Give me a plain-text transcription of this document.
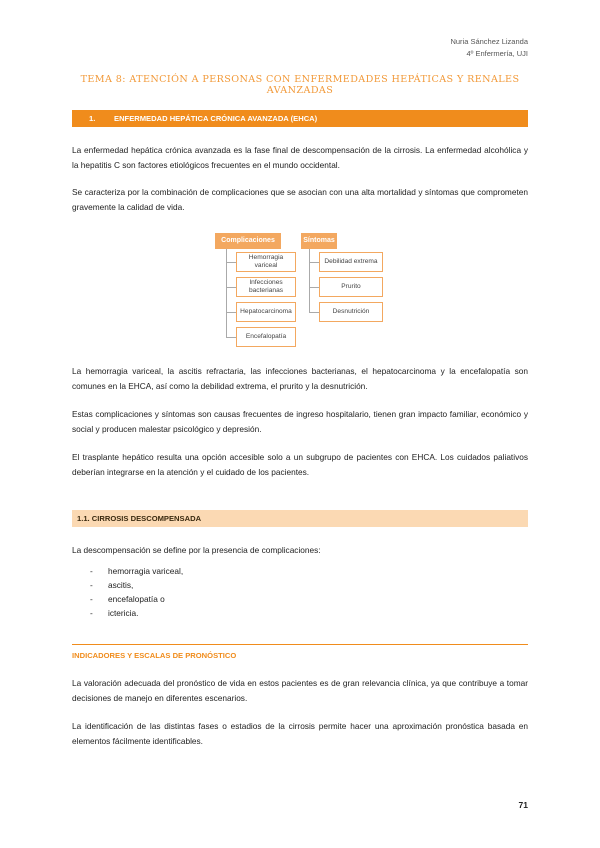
Nuria Sánchez Lizanda
4º Enfermería, UJI
TEMA 8: ATENCIÓN A PERSONAS CON ENFERMEDADES HEPÁTICAS Y RENALES AVANZADAS
1. ENFERMEDAD HEPÁTICA CRÓNICA AVANZADA (EHCA)

La enfermedad hepática crónica avanzada es la fase final de descompensación de la cirrosis. La enfermedad alcohólica y la hepatitis C son factores etiológicos frecuentes en el mundo occidental.

Se caracteriza por la combinación de complicaciones que se asocian con una alta mortalidad y síntomas que comprometen gravemente la calidad de vida.

Complicaciones
Hemorragia variceal
Infecciones bacterianas
Hepatocarcinoma
Encefalopatía
Síntomas
Debilidad extrema
Prurito
Desnutrición

La hemorragia variceal, la ascitis refractaria, las infecciones bacterianas, el hepatocarcinoma y la encefalopatía son comunes en la EHCA, así como la debilidad extrema, el prurito y la desnutrición.

Estas complicaciones y síntomas son causas frecuentes de ingreso hospitalario, tienen gran impacto familiar, económico y social y producen malestar psicológico y depresión.

El trasplante hepático resulta una opción accesible solo a un subgrupo de pacientes con EHCA. Los cuidados paliativos deberían integrarse en la atención y el cuidado de los pacientes.

1.1. CIRROSIS DESCOMPENSADA

La descompensación se define por la presencia de complicaciones:

- hemorragia variceal,
- ascitis,
- encefalopatía o
- ictericia.
INDICADORES Y ESCALAS DE PRONÓSTICO

La valoración adecuada del pronóstico de vida en estos pacientes es de gran relevancia clínica, ya que contribuye a tomar decisiones de manejo en diferentes escenarios.

La identificación de las distintas fases o estadios de la cirrosis permite hacer una aproximación pronóstica basada en elementos fácilmente identificables.

71
